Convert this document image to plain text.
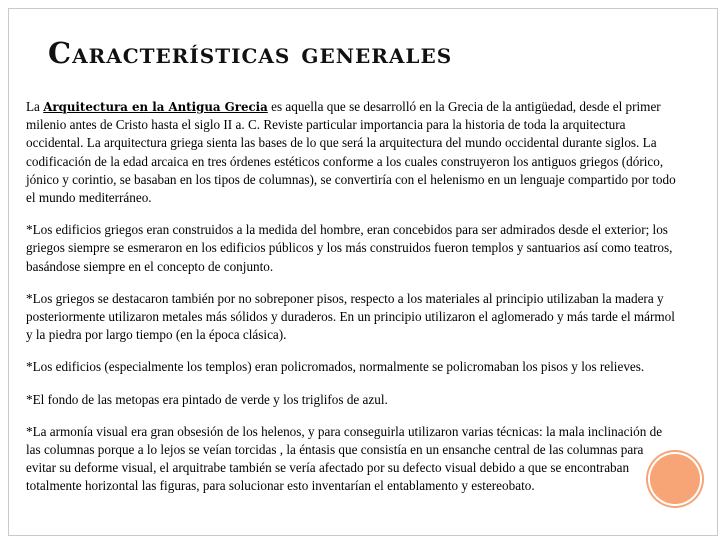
Características generales

La Arquitectura en la Antigua Grecia es aquella que se desarrolló en la Grecia de la antigüedad, desde el primer milenio antes de Cristo hasta el siglo II a. C. Reviste particular importancia para la historia de toda la arquitectura occidental. La arquitectura griega sienta las bases de lo que será la arquitectura del mundo occidental durante siglos. La codificación de la edad arcaica en tres órdenes estéticos conforme a los cuales construyeron los antiguos griegos (dórico, jónico y corintio, se basaban en los tipos de columnas), se convertiría con el helenismo en un lenguaje compartido por todo el mundo mediterráneo.

*Los edificios griegos eran construidos a la medida del hombre, eran concebidos para ser admirados desde el exterior; los griegos siempre se esmeraron en los edificios públicos y los más construidos fueron templos y santuarios así como teatros, basándose siempre en el concepto de conjunto.

*Los griegos se destacaron también por no sobreponer pisos, respecto a los materiales al principio utilizaban la madera y posteriormente utilizaron metales más sólidos y duraderos. En un principio utilizaron el aglomerado y más tarde el mármol y la piedra por largo tiempo (en la época clásica).

*Los edificios (especialmente los templos) eran policromados, normalmente se policromaban los pisos y los relieves.

*El fondo de las metopas era pintado de verde y los triglifos de azul.

*La armonía visual era gran obsesión de los helenos, y para conseguirla utilizaron varias técnicas: la mala inclinación de las columnas porque a lo lejos se veían torcidas , la éntasis que consistía en un ensanche central de las columnas para evitar su deforme visual, el arquitrabe también se vería afectado por su defecto visual debido a que se encontraban totalmente horizontal las figuras, para solucionar esto inventarían el entablamento y estereobato.
